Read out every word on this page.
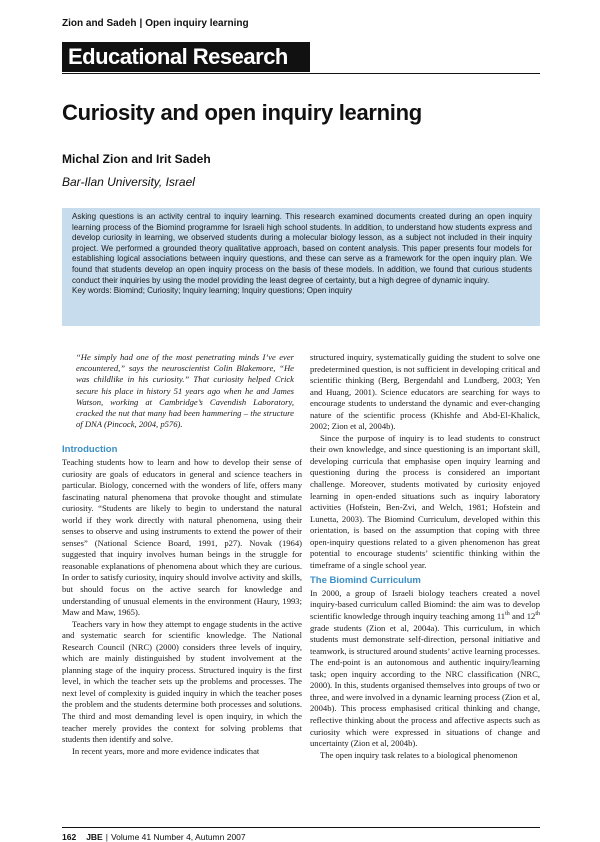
Zion and Sadeh | Open inquiry learning
Educational Research
Curiosity and open inquiry learning
Michal Zion and Irit Sadeh
Bar-Ilan University, Israel

Asking questions is an activity central to inquiry learning. This research examined documents created during an open inquiry learning process of the Biomind programme for Israeli high school students. In addition, to understand how students express and develop curiosity in learning, we observed students during a molecular biology lesson, as a subject not included in their inquiry project. We performed a grounded theory qualitative approach, based on content analysis. This paper presents four models for establishing logical associations between inquiry questions, and these can serve as a framework for the open inquiry plan. We found that students develop an open inquiry process on the basis of these models. In addition, we found that curious students conduct their inquiries by using the model providing the least degree of certainty, but a high degree of dynamic inquiry.

Key words: Biomind; Curiosity; Inquiry learning; Inquiry questions; Open inquiry

“He simply had one of the most penetrating minds I’ve ever encountered,” says the neuroscientist Colin Blakemore, “He was childlike in his curiosity.” That curiosity helped Crick secure his place in history 51 years ago when he and James Watson, working at Cambridge’s Cavendish Laboratory, cracked the nut that many had been hammering – the structure of DNA (Pincock, 2004, p576).

Introduction

Teaching students how to learn and how to develop their sense of curiosity are goals of educators in general and science teachers in particular. Biology, concerned with the wonders of life, offers many fascinating natural phenomena that provoke thought and stimulate curiosity. “Students are likely to begin to understand the natural world if they work directly with natural phenomena, using their senses to observe and using instruments to extend the power of their senses” (National Science Board, 1991, p27). Novak (1964) suggested that inquiry involves human beings in the struggle for reasonable explanations of phenomena about which they are curious. In order to satisfy curiosity, inquiry should involve activity and skills, but should focus on the active search for knowledge and understanding of unusual elements in the environment (Haury, 1993; Maw and Maw, 1965).

Teachers vary in how they attempt to engage students in the active and systematic search for scientific knowledge. The National Research Council (NRC) (2000) considers three levels of inquiry, which are mainly distinguished by student involvement at the planning stage of the inquiry process. Structured inquiry is the first level, in which the teacher sets up the problems and processes. The next level of complexity is guided inquiry in which the teacher poses the problem and the students determine both processes and solutions. The third and most demanding level is open inquiry, in which the teacher merely provides the context for solving problems that students then identify and solve.

In recent years, more and more evidence indicates that

structured inquiry, systematically guiding the student to solve one predetermined question, is not sufficient in developing critical and scientific thinking (Berg, Bergendahl and Lundberg, 2003; Yen and Huang, 2001). Science educators are searching for ways to encourage students to understand the dynamic and ever-changing nature of the scientific process (Khishfe and Abd-El-Khalick, 2002; Zion et al, 2004b).

Since the purpose of inquiry is to lead students to construct their own knowledge, and since questioning is an important skill, developing curricula that emphasise open inquiry learning and questioning during the process is considered an important challenge. Moreover, students motivated by curiosity enjoyed learning in open-ended situations such as inquiry laboratory activities (Hofstein, Ben-Zvi, and Welch, 1981; Hofstein and Lunetta, 2003). The Biomind Curriculum, developed within this orientation, is based on the assumption that coping with three open-inquiry questions related to a given phenomenon has great potential to encourage students’ scientific thinking within the timeframe of a single school year.

The Biomind Curriculum

In 2000, a group of Israeli biology teachers created a novel inquiry-based curriculum called Biomind: the aim was to develop scientific knowledge through inquiry teaching among 11th and 12th grade students (Zion et al, 2004a). This curriculum, in which students must demonstrate self-direction, personal initiative and teamwork, is structured around students’ active learning processes. The end-point is an autonomous and authentic inquiry/learning task; open inquiry according to the NRC classification (NRC, 2000). In this, students organised themselves into groups of two or three, and were involved in a dynamic learning process (Zion et al, 2004b). This process emphasised critical thinking and change, reflective thinking about the process and affective aspects such as curiosity which were expressed in situations of change and uncertainty (Zion et al, 2004b).

The open inquiry task relates to a biological phenomenon

162 JBE | Volume 41 Number 4, Autumn 2007
